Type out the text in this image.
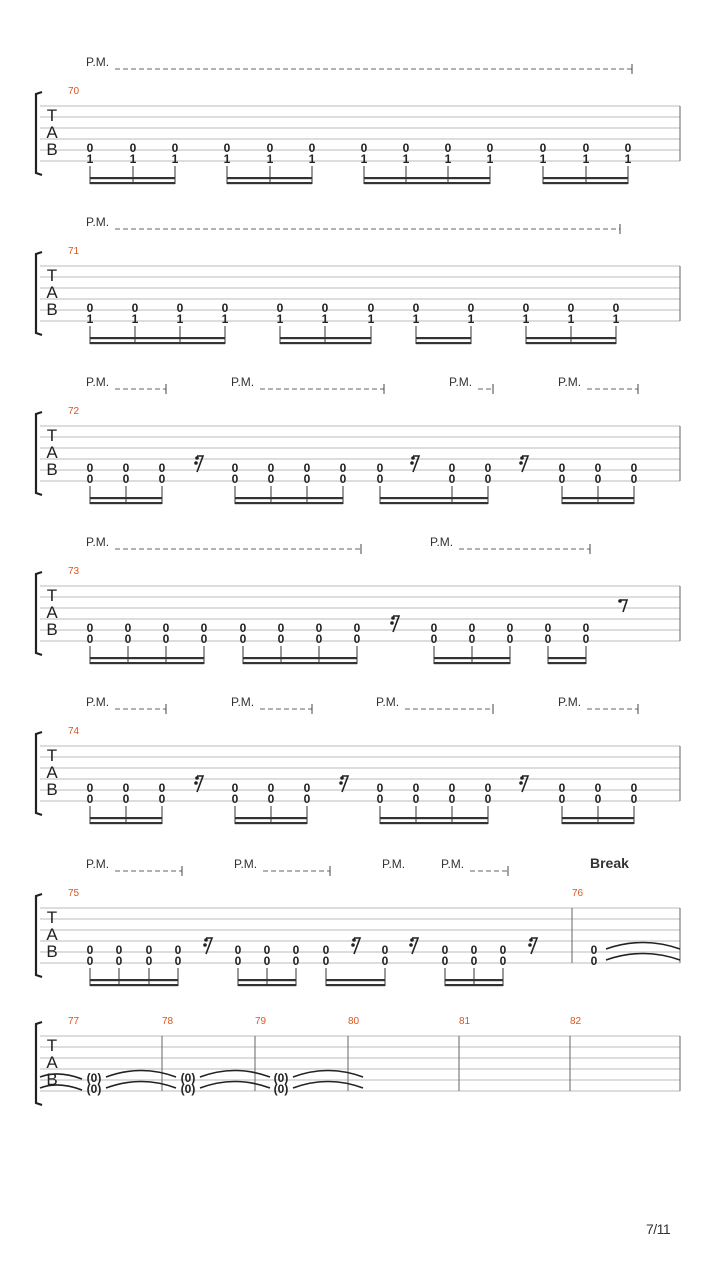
T
A
B
70
P.M.
0
1
0
1
0
1
0
1
0
1
0
1
0
1
0
1
0
1
0
1
0
1
0
1
0
1
T
A
B
71
P.M.
0
1
0
1
0
1
0
1
0
1
0
1
0
1
0
1
0
1
0
1
0
1
0
1
T
A
B
72
P.M.	P.M.	P.M.	P.M.
0
0
0
0
0
0
0
0
0
0
0
0
0
0
0
0
0
0
0
0
0
0
0
0
0
0
T
A
B
73
P.M.	P.M.
0
0
0
0
0
0
0
0
0
0
0
0
0
0
0
0
0
0
0
0
0
0
0
0
0
0
T
A
B
74
P.M.	P.M.	P.M.	P.M.
0
0
0
0
0
0
0
0
0
0
0
0
0
0
0
0
0
0
0
0
0
0
0
0
0
0
T
A
B
75	76
P.M.	P.M.	P.M.	P.M.	Break
0
0
0
0
0
0
0
0
0
0
0
0
0
0
0
0
0
0
0
0
0
0
0
0
0
0
T
A
B
77	78	79	80	81	82
(0)
(0)
(0)
(0)
(0)
(0)
7/11
